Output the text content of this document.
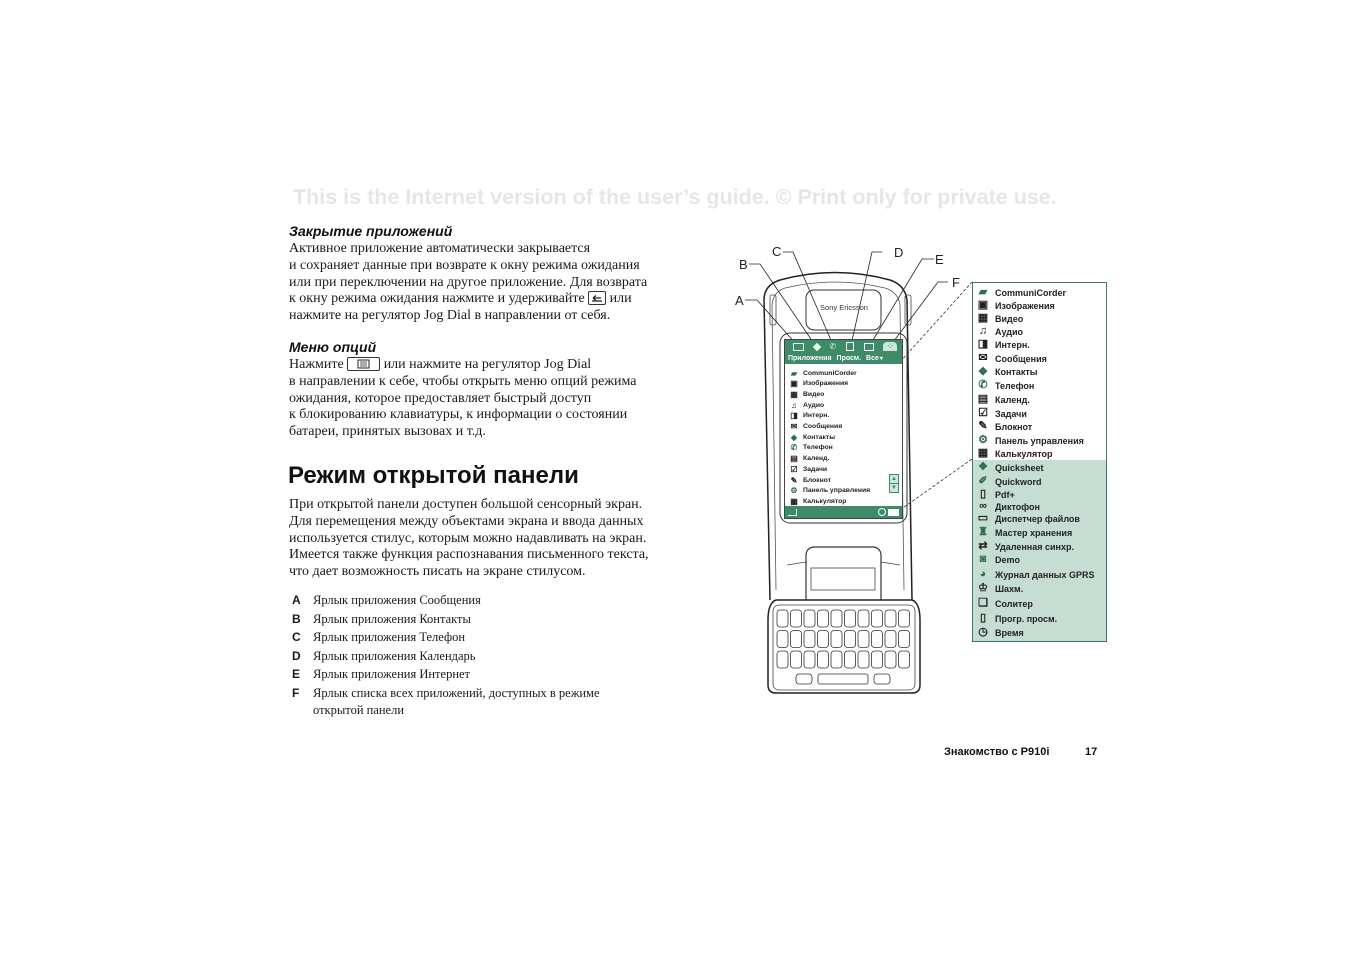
This is the Internet version of the user’s guide. © Print only for private use.
Закрытие приложений
Активное приложение автоматически закрывается
и сохраняет данные при возврате к окну режима ожидания
или при переключении на другое приложение. Для возврата
к окну режима ожидания нажмите и удерживайте или
нажмите на регулятор Jog Dial в направлении от себя.
Меню опций
Нажмите	или нажмите на регулятор Jog Dial
в направлении к себе, чтобы открыть меню опций режима
ожидания, которое предоставляет быстрый доступ
к блокированию клавиатуры, к информации о состоянии
батареи, принятых вызовах и т.д.
Режим открытой панели
При открытой панели доступен большой сенсорный экран.
Для перемещения между объектами экрана и ввода данных
используется стилус, которым можно надавливать на экран.
Имеется также функция распознавания письменного текста,
что дает возможность писать на экране стилусом.
A Ярлык приложения Сообщения
B Ярлык приложения Контакты
C Ярлык приложения Телефон
D Ярлык приложения Календарь
E	Ярлык приложения Интернет
F	Ярлык списка всех приложений, доступных в режиме
открытой панели
A
B
C	D E
F
Sony Ericsson
✆	⁘
Приложения Просм. Все ▾
▰ CommuniCorder
▣ Изображения
▦ Видео
♫ Аудио
◨ Интерн.
✉ Сообщения
◆ Контакты
✆ Телефон
▤ Календ.
☑ Задачи
✎ Блокнот
⚙ Панель управления
▦ Калькулятор
▲
▼
▰ CommuniCorder
▣ Изображения
▦ Видео
♫ Аудио
◨ Интерн.
✉ Сообщения
◆ Контакты
✆ Телефон
▤ Календ.
☑ Задачи
✎ Блокнот
⚙ Панель управления
▦ Калькулятор
❖ Quicksheet
✐ Quickword
▯ Pdf+
∞ Диктофон
▭ Диспетчер файлов
♜ Мастер хранения
⇄ Удаленная синхр.
◙ Demo
◕ Журнал данных GPRS
♔ Шахм.
❏ Солитер
▯ Прогр. просм.
◷ Время
Знакомство с P910i	17
